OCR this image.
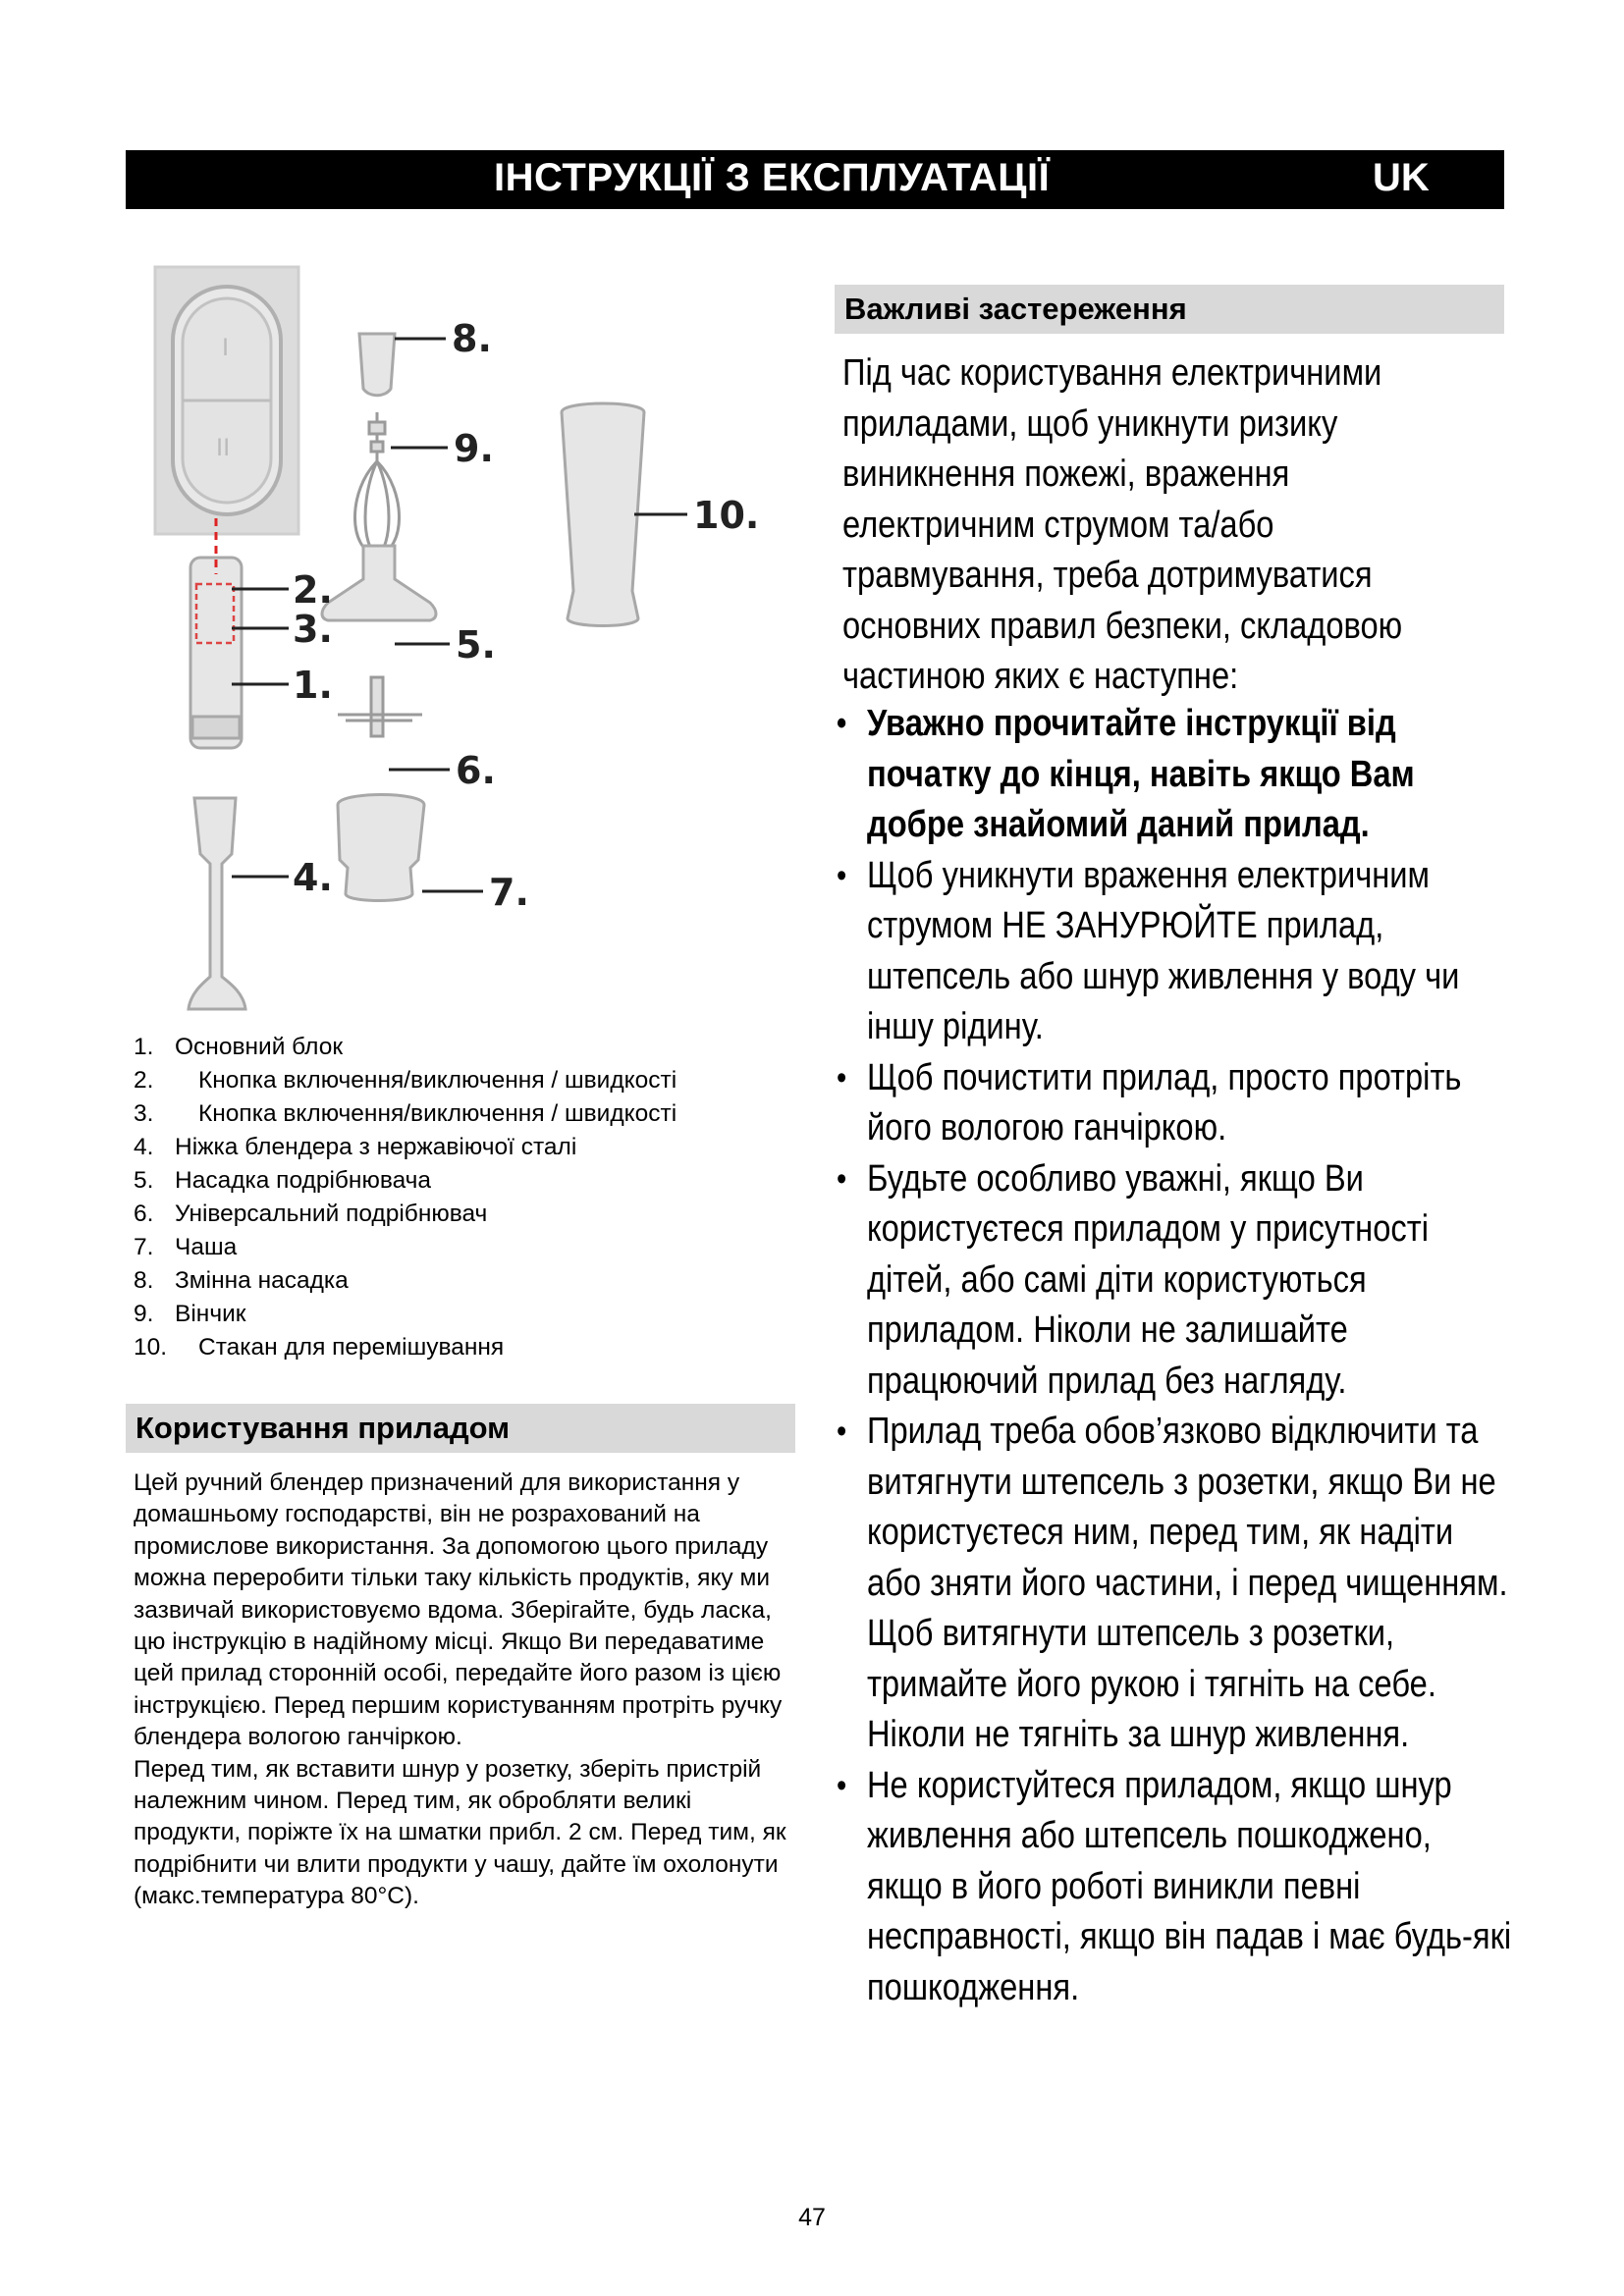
ІНСТРУКЦІЇ З ЕКСПЛУАТАЦІЇ	UK
I
II
8.
9.
10.
2.
3.	5.
1.
6.
4.	7.
1. Основний блок
2. Кнопка включення/виключення / швидкості
3. Кнопка включення/виключення / швидкості
4. Ніжка блендера з нержавіючої сталі
5. Насадка подрібнювача
6. Універсальний подрібнювач
7. Чаша
8. Змінна насадка
9. Вінчик
10. Стакан для перемішування
Користування приладом

Цей ручний блендер призначений для використання у домашньому господарстві, він не розрахований на промислове використання. За допомогою цього приладу можна переробити тільки таку кількість продуктів, яку ми зазвичай використовуємо вдома. Зберігайте, будь ласка, цю інструкцію в надійному місці. Якщо Ви передаватиме цей прилад сторонній особі, передайте його разом із цією інструкцією. Перед першим користуванням протріть ручку блендера вологою ганчіркою.

Перед тим, як вставити шнур у розетку, зберіть пристрій належним чином. Перед тим, як обробляти великі продукти, поріжте їх на шматки прибл. 2 см. Перед тим, як подрібнити чи влити продукти у чашу, дайте їм охолонути (макс.температура 80°C).

Важливі застереження

Під час користування електричними приладами, щоб уникнути ризику виникнення пожежі, враження електричним струмом та/або травмування, треба дотримуватися основних правил безпеки, складовою частиною яких є наступне:

• Уважно прочитайте інструкції від початку до кінця, навіть якщо Вам добре знайомий даний прилад.
• Щоб уникнути враження електричним струмом НЕ ЗАНУРЮЙТЕ прилад, штепсель або шнур живлення у воду чи іншу рідину.
• Щоб почистити прилад, просто протріть його вологою ганчіркою.
• Будьте особливо уважні, якщо Ви користуєтеся приладом у присутності дітей, або самі діти користуються приладом. Ніколи не залишайте працюючий прилад без нагляду.
• Прилад треба обов’язково відключити та витягнути штепсель з розетки, якщо Ви не користуєтеся ним, перед тим, як надіти або зняти його частини, і перед чищенням. Щоб витягнути штепсель з розетки, тримайте його рукою і тягніть на себе. Ніколи не тягніть за шнур живлення.
• Не користуйтеся приладом, якщо шнур живлення або штепсель пошкоджено, якщо в його роботі виникли певні несправності, якщо він падав і має будь-які пошкодження.
47
